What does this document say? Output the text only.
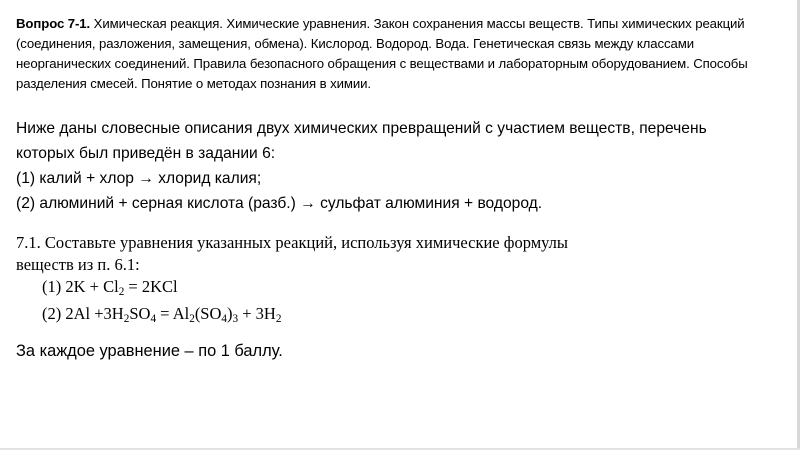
Вопрос 7-1. Химическая реакция. Химические уравнения. Закон сохранения массы веществ. Типы химических реакций (соединения, разложения, замещения, обмена). Кислород. Водород. Вода. Генетическая связь между классами неорганических соединений. Правила безопасного обращения с веществами и лабораторным оборудованием. Способы разделения смесей. Понятие о методах познания в химии.

Ниже даны словесные описания двух химических превращений с участием веществ, перечень
которых был приведён в задании 6:
(1) калий + хлор → хлорид калия;
(2) алюминий + серная кислота (разб.) → сульфат алюминия + водород.
7.1. Составьте уравнения указанных реакций, используя химические формулы
веществ из п. 6.1:
(1) $2K + Cl_2 = 2KCl$
(2) $2Al +3H_2SO_4 = Al_2(SO_4)_3 + 3H_2$
За каждое уравнение – по 1 баллу.
